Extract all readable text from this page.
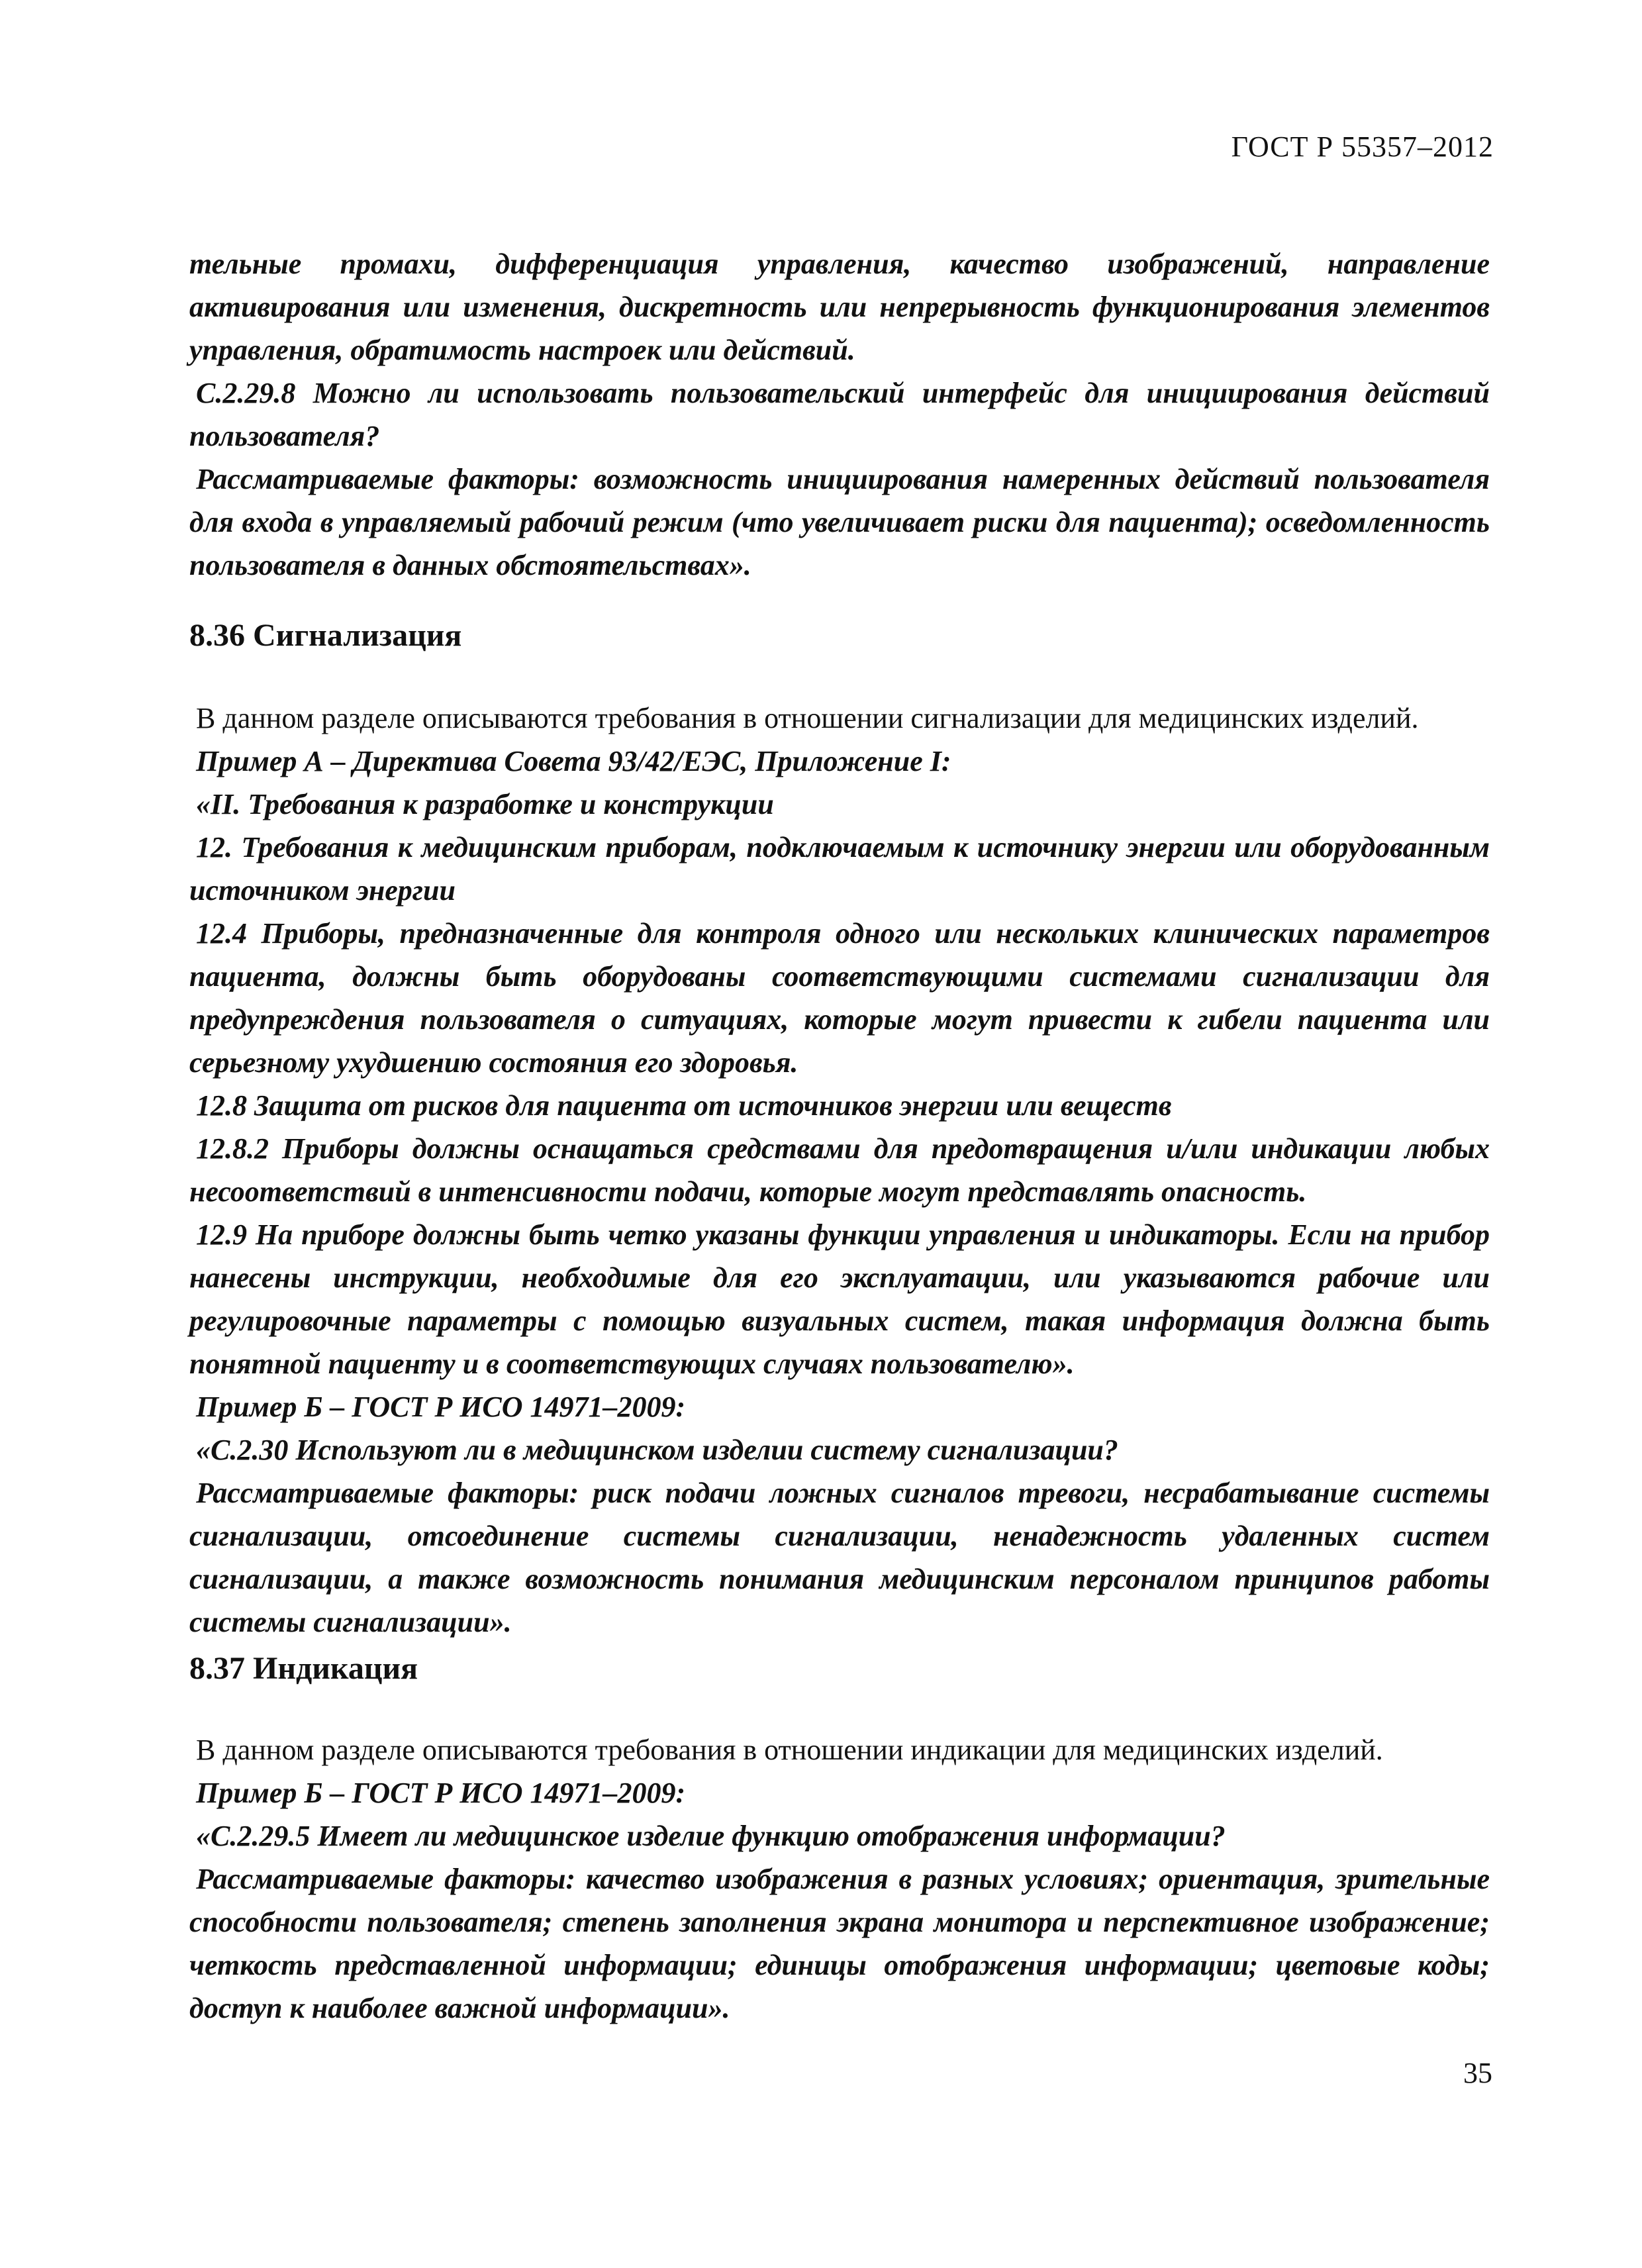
ГОСТ Р 55357–2012

тельные промахи, дифференциация управления, качество изображений, направление активирования или изменения, дискретность или непрерывность функционирования элементов управления, обратимость настроек или действий.

С.2.29.8 Можно ли использовать пользовательский интерфейс для инициирования действий пользователя?

Рассматриваемые факторы: возможность инициирования намеренных действий пользователя для входа в управляемый рабочий режим (что увеличивает риски для пациента); осведомленность пользователя в данных обстоятельствах».

8.36 Сигнализация

В данном разделе описываются требования в отношении сигнализации для медицинских изделий.

Пример А – Директива Совета 93/42/ЕЭС, Приложение I:

«II. Требования к разработке и конструкции

12. Требования к медицинским приборам, подключаемым к источнику энергии или оборудованным источником энергии

12.4 Приборы, предназначенные для контроля одного или нескольких клинических параметров пациента, должны быть оборудованы соответствующими системами сигнализации для предупреждения пользователя о ситуациях, которые могут привести к гибели пациента или серьезному ухудшению состояния его здоровья.

12.8 Защита от рисков для пациента от источников энергии или веществ

12.8.2 Приборы должны оснащаться средствами для предотвращения и/или индикации любых несоответствий в интенсивности подачи, которые могут представлять опасность.

12.9 На приборе должны быть четко указаны функции управления и индикаторы. Если на прибор нанесены инструкции, необходимые для его эксплуатации, или указываются рабочие или регулировочные параметры с помощью визуальных систем, такая информация должна быть понятной пациенту и в соответствующих случаях пользователю».

Пример Б – ГОСТ Р ИСО 14971–2009:

«С.2.30 Используют ли в медицинском изделии систему сигнализации?

Рассматриваемые факторы: риск подачи ложных сигналов тревоги, несрабатывание системы сигнализации, отсоединение системы сигнализации, ненадежность удаленных систем сигнализации, а также возможность понимания медицинским персоналом принципов работы системы сигнализации».

8.37 Индикация

В данном разделе описываются требования в отношении индикации для медицинских изделий.

Пример Б – ГОСТ Р ИСО 14971–2009:

«С.2.29.5 Имеет ли медицинское изделие функцию отображения информации?

Рассматриваемые факторы: качество изображения в разных условиях; ориентация, зрительные способности пользователя; степень заполнения экрана монитора и перспективное изображение; четкость представленной информации; единицы отображения информации; цветовые коды; доступ к наиболее важной информации».

35
